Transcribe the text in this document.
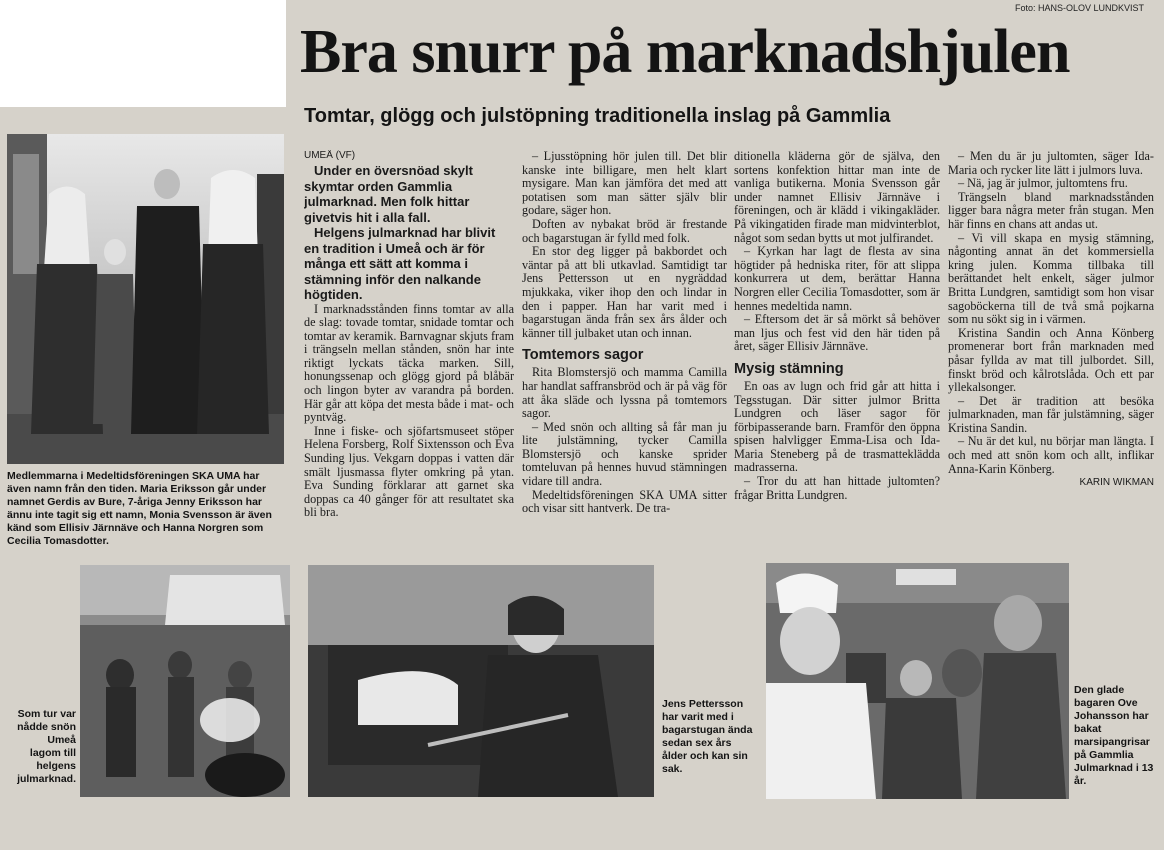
Foto: HANS-OLOV LUNDKVIST
Bra snurr på marknadshjulen
Tomtar, glögg och julstöpning traditionella inslag på Gammlia
Medlemmarna i Medeltidsföreningen SKA UMA har även namn från den tiden. Maria Eriksson går under namnet Gerdis av Bure, 7-åriga Jenny Eriksson har ännu inte tagit sig ett namn, Monia Svensson är även känd som Ellisiv Järnnäve och Hanna Norgren som Cecilia Tomasdotter.
UMEÅ (VF)

Under en översnöad skylt skymtar orden Gammlia julmarknad. Men folk hittar givetvis hit i alla fall.

Helgens julmarknad har blivit en tradition i Umeå och är för många ett sätt att komma i stämning inför den nalkande högtiden.

I marknadsstånden finns tomtar av alla de slag: tovade tomtar, snidade tomtar och tomtar av keramik. Barnvagnar skjuts fram i trängseln mellan stånden, snön har inte riktigt lyckats täcka marken. Sill, honungssenap och glögg gjord på blåbär och lingon byter av varandra på borden. Här går att köpa det mesta både i mat- och pyntväg.

Inne i fiske- och sjöfartsmuseet stöper Helena Forsberg, Rolf Sixtensson och Eva Sunding ljus. Vekgarn doppas i vatten där smält ljusmassa flyter omkring på ytan. Eva Sunding förklarar att garnet ska doppas ca 40 gånger för att resultatet ska bli bra.

– Ljusstöpning hör julen till. Det blir kanske inte billigare, men helt klart mysigare. Man kan jämföra det med att potatisen som man sätter själv blir godare, säger hon.

Doften av nybakat bröd är frestande och bagarstugan är fylld med folk.

En stor deg ligger på bakbordet och väntar på att bli utkavlad. Samtidigt tar Jens Pettersson ut en nygräddad mjukkaka, viker ihop den och lindar in den i papper. Han har varit med i bagarstugan ända från sex års ålder och känner till julbaket utan och innan.

Tomtemors sagor

Rita Blomstersjö och mamma Camilla har handlat saffransbröd och är på väg för att åka släde och lyssna på tomtemors sagor.

– Med snön och allting så får man ju lite julstämning, tycker Camilla Blomstersjö och kanske sprider tomteluvan på hennes huvud stämningen vidare till andra.

Medeltidsföreningen SKA UMA sitter och visar sitt hantverk. De tra-

ditionella kläderna gör de själva, den sortens konfektion hittar man inte de vanliga butikerna. Monia Svensson går under namnet Ellisiv Järnnäve i föreningen, och är klädd i vikingakläder. På vikingatiden firade man midvinterblot, något som sedan bytts ut mot julfirandet.

– Kyrkan har lagt de flesta av sina högtider på hedniska riter, för att slippa konkurrera ut dem, berättar Hanna Norgren eller Cecilia Tomasdotter, som är hennes medeltida namn.

– Eftersom det är så mörkt så behöver man ljus och fest vid den här tiden på året, säger Ellisiv Järnnäve.

Mysig stämning

En oas av lugn och frid går att hitta i Tegsstugan. Där sitter julmor Britta Lundgren och läser sagor för förbipasserande barn. Framför den öppna spisen halvligger Emma-Lisa och Ida-Maria Steneberg på de trasmatteklädda madrasserna.

– Tror du att han hittade jultomten? frågar Britta Lundgren.

– Men du är ju jultomten, säger Ida-Maria och rycker lite lätt i julmors luva.

– Nä, jag är julmor, jultomtens fru.

Trängseln bland marknadsstånden ligger bara några meter från stugan. Men här finns en chans att andas ut.

– Vi vill skapa en mysig stämning, någonting annat än det kommersiella kring julen. Komma tillbaka till berättandet helt enkelt, säger julmor Britta Lundgren, samtidigt som hon visar sagoböckerna till de två små pojkarna som nu sökt sig in i värmen.

Kristina Sandin och Anna Könberg promenerar bort från marknaden med påsar fyllda av mat till julbordet. Sill, finskt bröd och kålrotslåda. Och ett par yllekalsonger.

– Det är tradition att besöka julmarknaden, man får julstämning, säger Kristina Sandin.

– Nu är det kul, nu börjar man längta. I och med att snön kom och allt, inflikar Anna-Karin Könberg.

KARIN WIKMAN
Som tur var nådde snön Umeå lagom till helgens julmarknad.
Jens Pettersson har varit med i bagarstugan ända sedan sex års ålder och kan sin sak.
Den glade bagaren Ove Johansson har bakat marsipangrisar på Gammlia Julmarknad i 13 år.
